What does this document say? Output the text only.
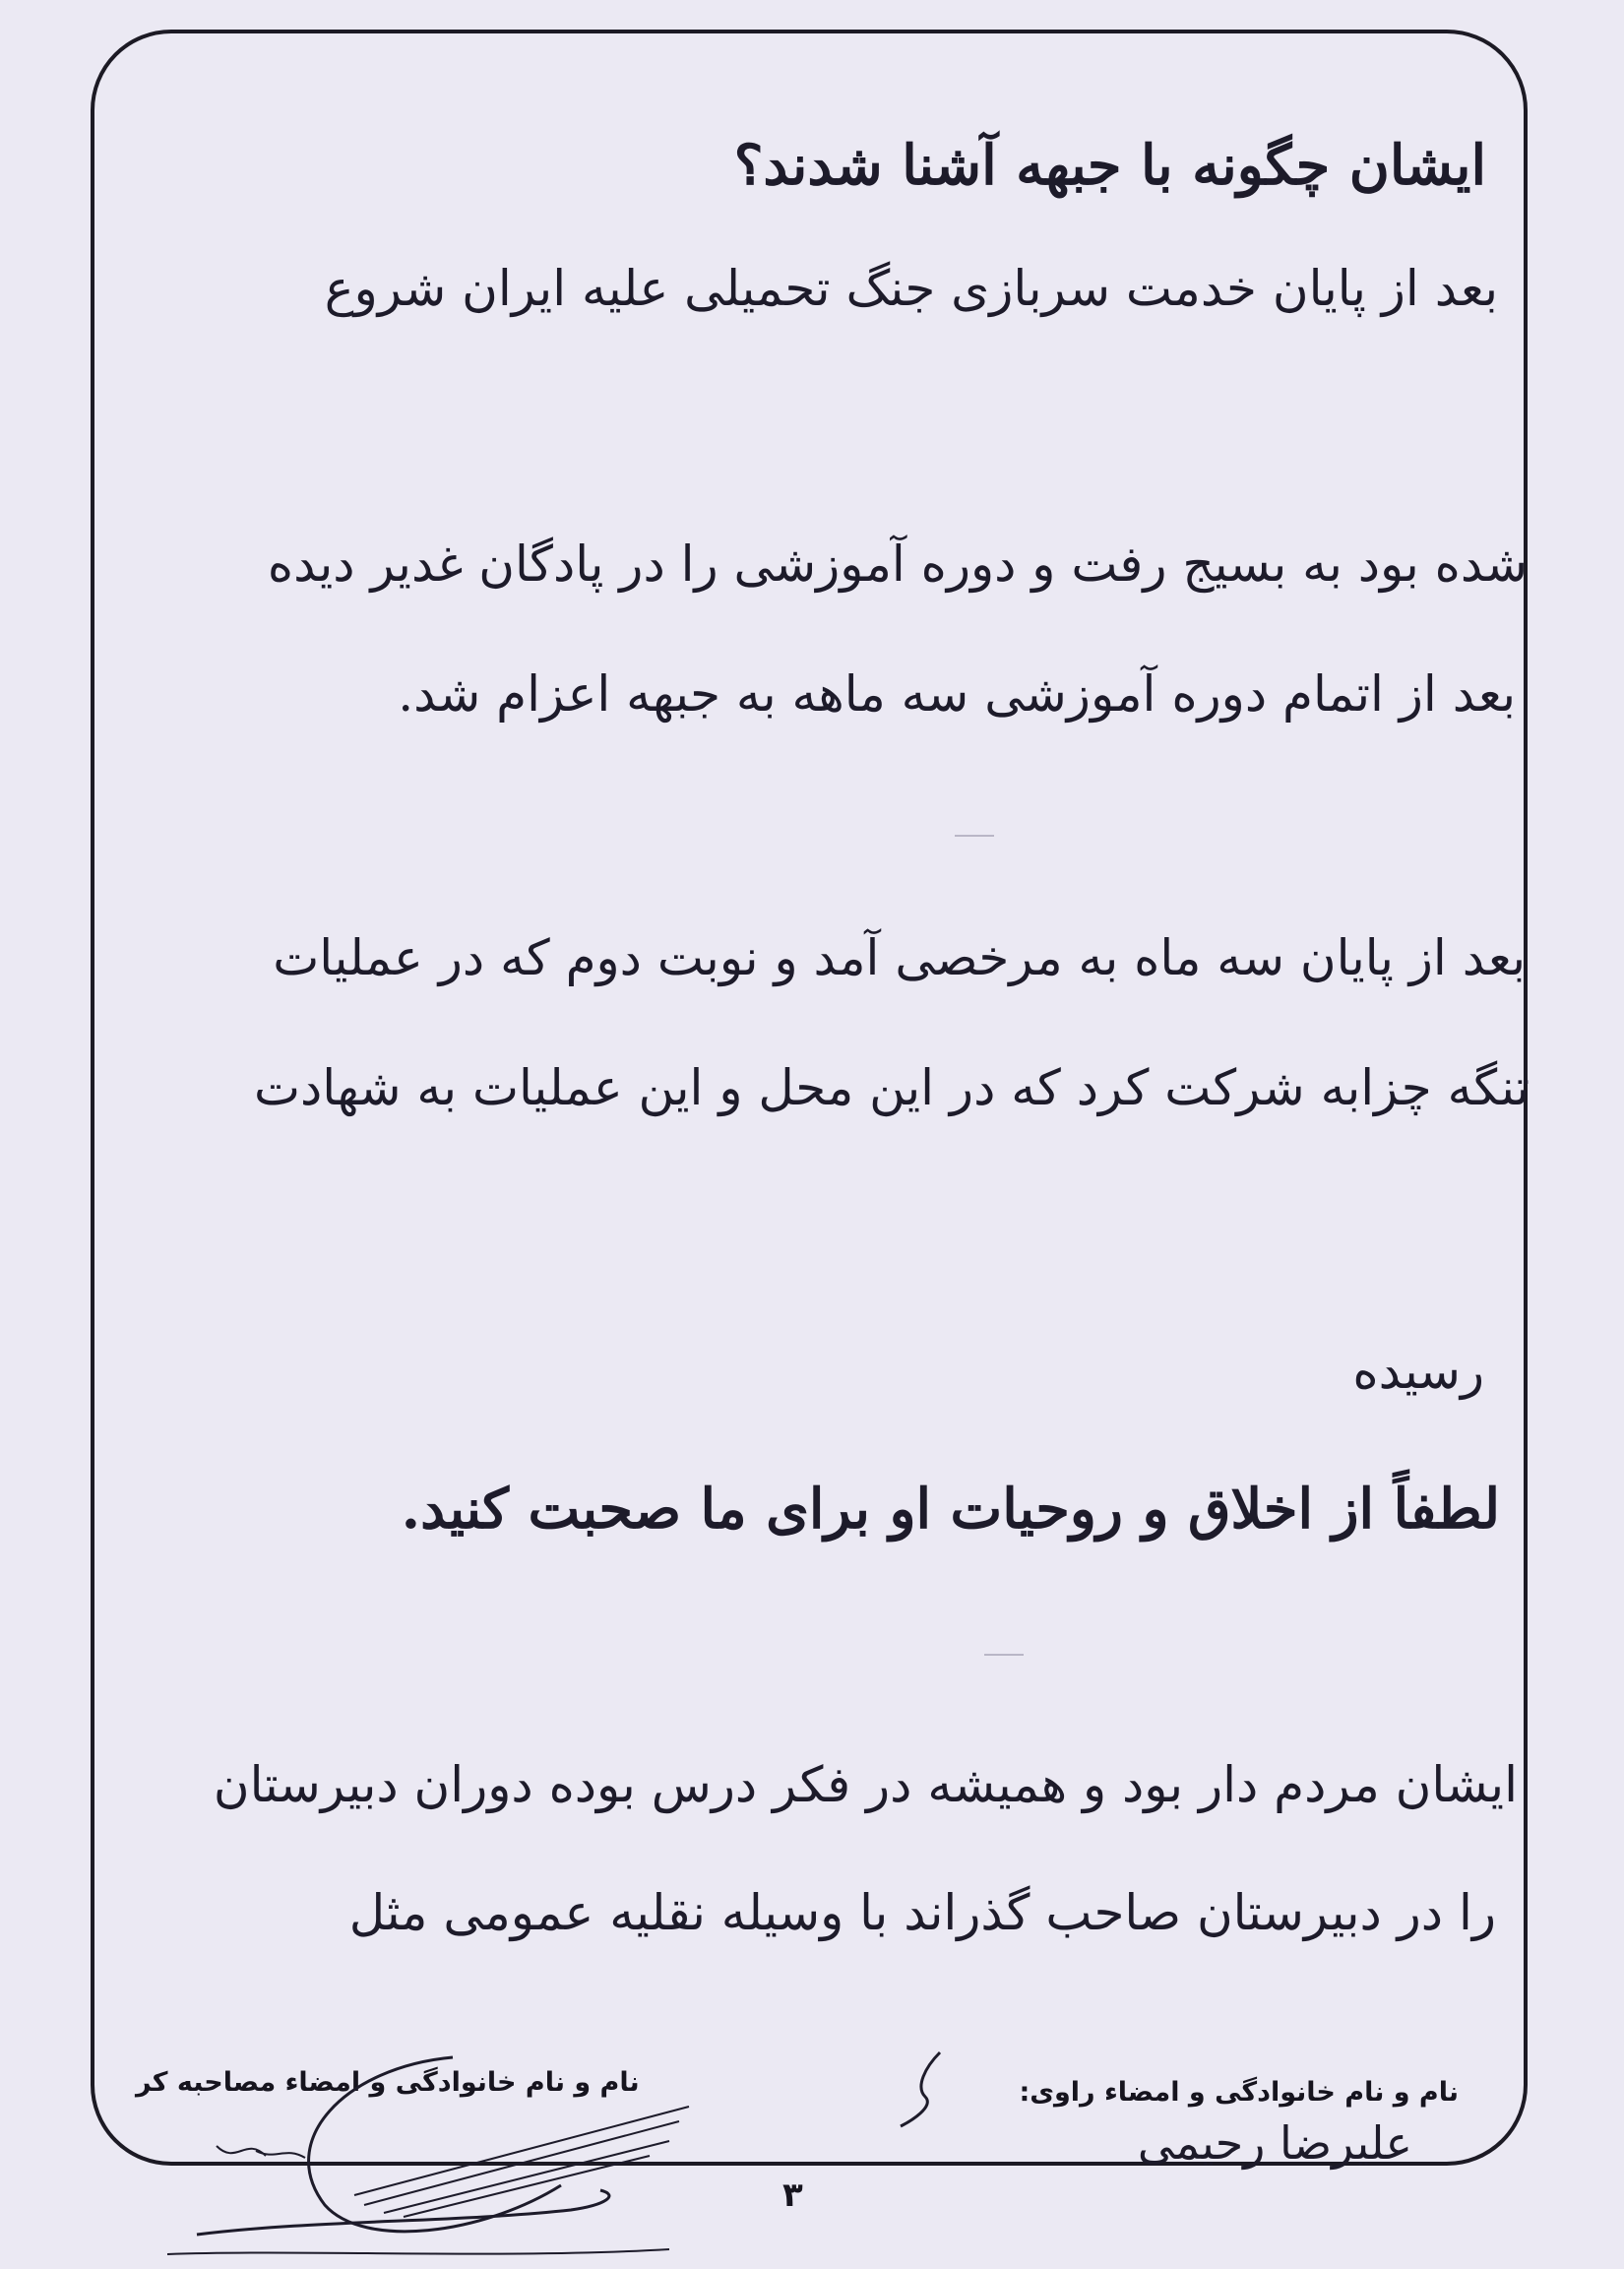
ایشان چگونه با جبهه آشنا شدند؟
بعد از پایان خدمت سربازی جنگ تحمیلی علیه ایران شروع
شده بود به بسیج رفت و دوره آموزشی را در پادگان غدیر دیده
بعد از اتمام دوره آموزشی سه ماهه به جبهه اعزام شد.
بعد از پایان سه ماه به مرخصی آمد و نوبت دوم که در عملیات
تنگه چزابه شرکت کرد که در این محل و این عملیات به شهادت
رسیده
لطفاً از اخلاق و روحیات او برای ما صحبت کنید.
ایشان مردم دار بود و همیشه در فکر درس بوده دوران دبیرستان
را در دبیرستان صاحب گذراند با وسیله نقلیه عمومی مثل
نام و نام خانوادگی و امضاء راوی:
علیرضا رحیمی
نام و نام خانوادگی و امضاء مصاحبه کر
۳
